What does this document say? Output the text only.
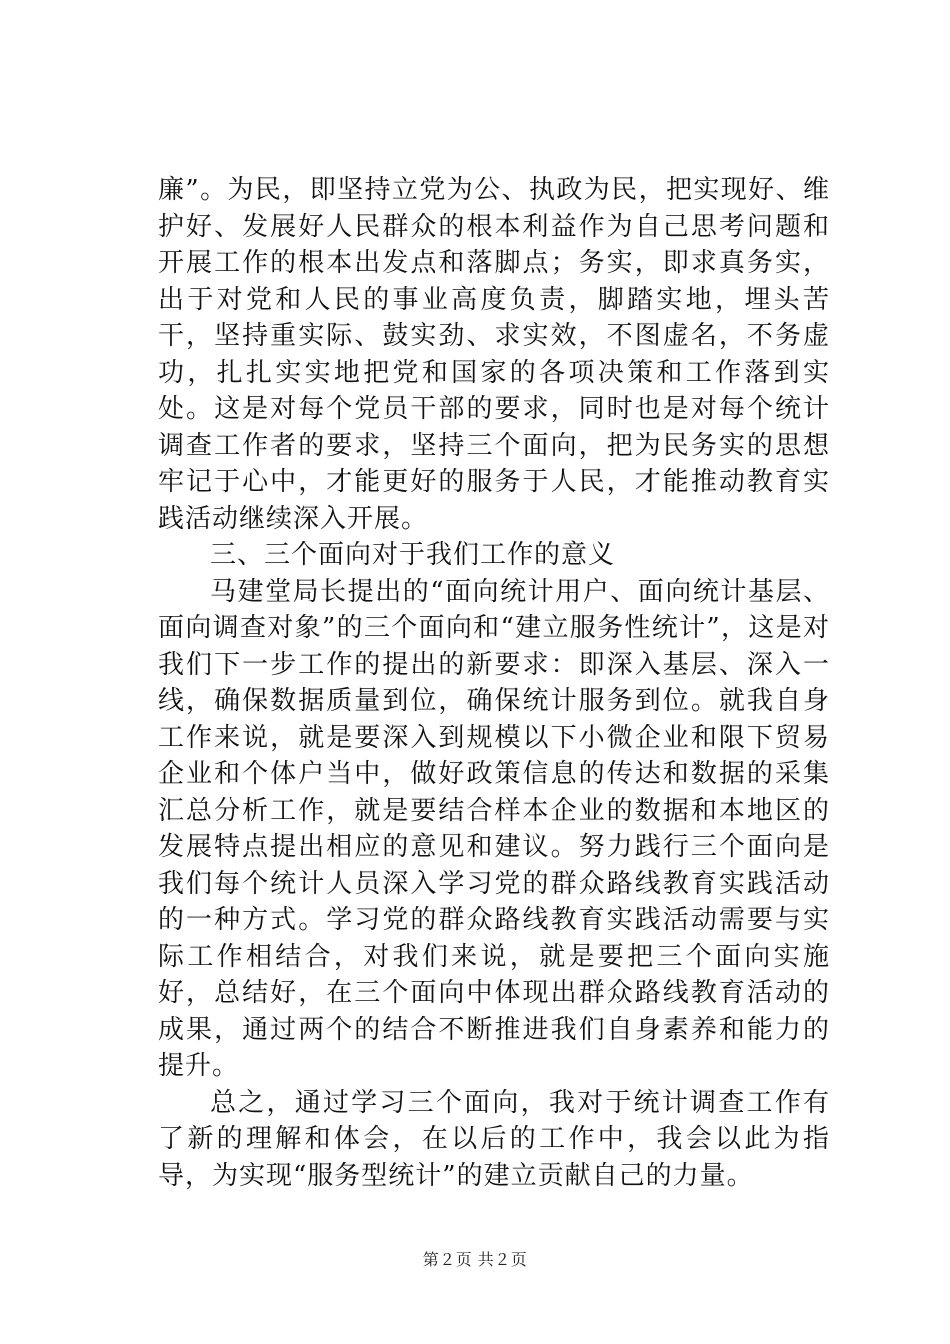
廉”。为民，即坚持立党为公、执政为民，把实现好、维护好、发展好人民群众的根本利益作为自己思考问题和开展工作的根本出发点和落脚点；务实，即求真务实，出于对党和人民的事业高度负责，脚踏实地，埋头苦干，坚持重实际、鼓实劲、求实效，不图虚名，不务虚功，扎扎实实地把党和国家的各项决策和工作落到实处。这是对每个党员干部的要求，同时也是对每个统计调查工作者的要求，坚持三个面向，把为民务实的思想牢记于心中，才能更好的服务于人民，才能推动教育实践活动继续深入开展。

三、三个面向对于我们工作的意义

马建堂局长提出的“面向统计用户、面向统计基层、面向调查对象”的三个面向和“建立服务性统计”，这是对我们下一步工作的提出的新要求：即深入基层、深入一线，确保数据质量到位，确保统计服务到位。就我自身工作来说，就是要深入到规模以下小微企业和限下贸易企业和个体户当中，做好政策信息的传达和数据的采集汇总分析工作，就是要结合样本企业的数据和本地区的发展特点提出相应的意见和建议。努力践行三个面向是我们每个统计人员深入学习党的群众路线教育实践活动的一种方式。学习党的群众路线教育实践活动需要与实际工作相结合，对我们来说，就是要把三个面向实施好，总结好，在三个面向中体现出群众路线教育活动的成果，通过两个的结合不断推进我们自身素养和能力的提升。

总之，通过学习三个面向，我对于统计调查工作有了新的理解和体会，在以后的工作中，我会以此为指导，为实现“服务型统计”的建立贡献自己的力量。

第２页 共２页
